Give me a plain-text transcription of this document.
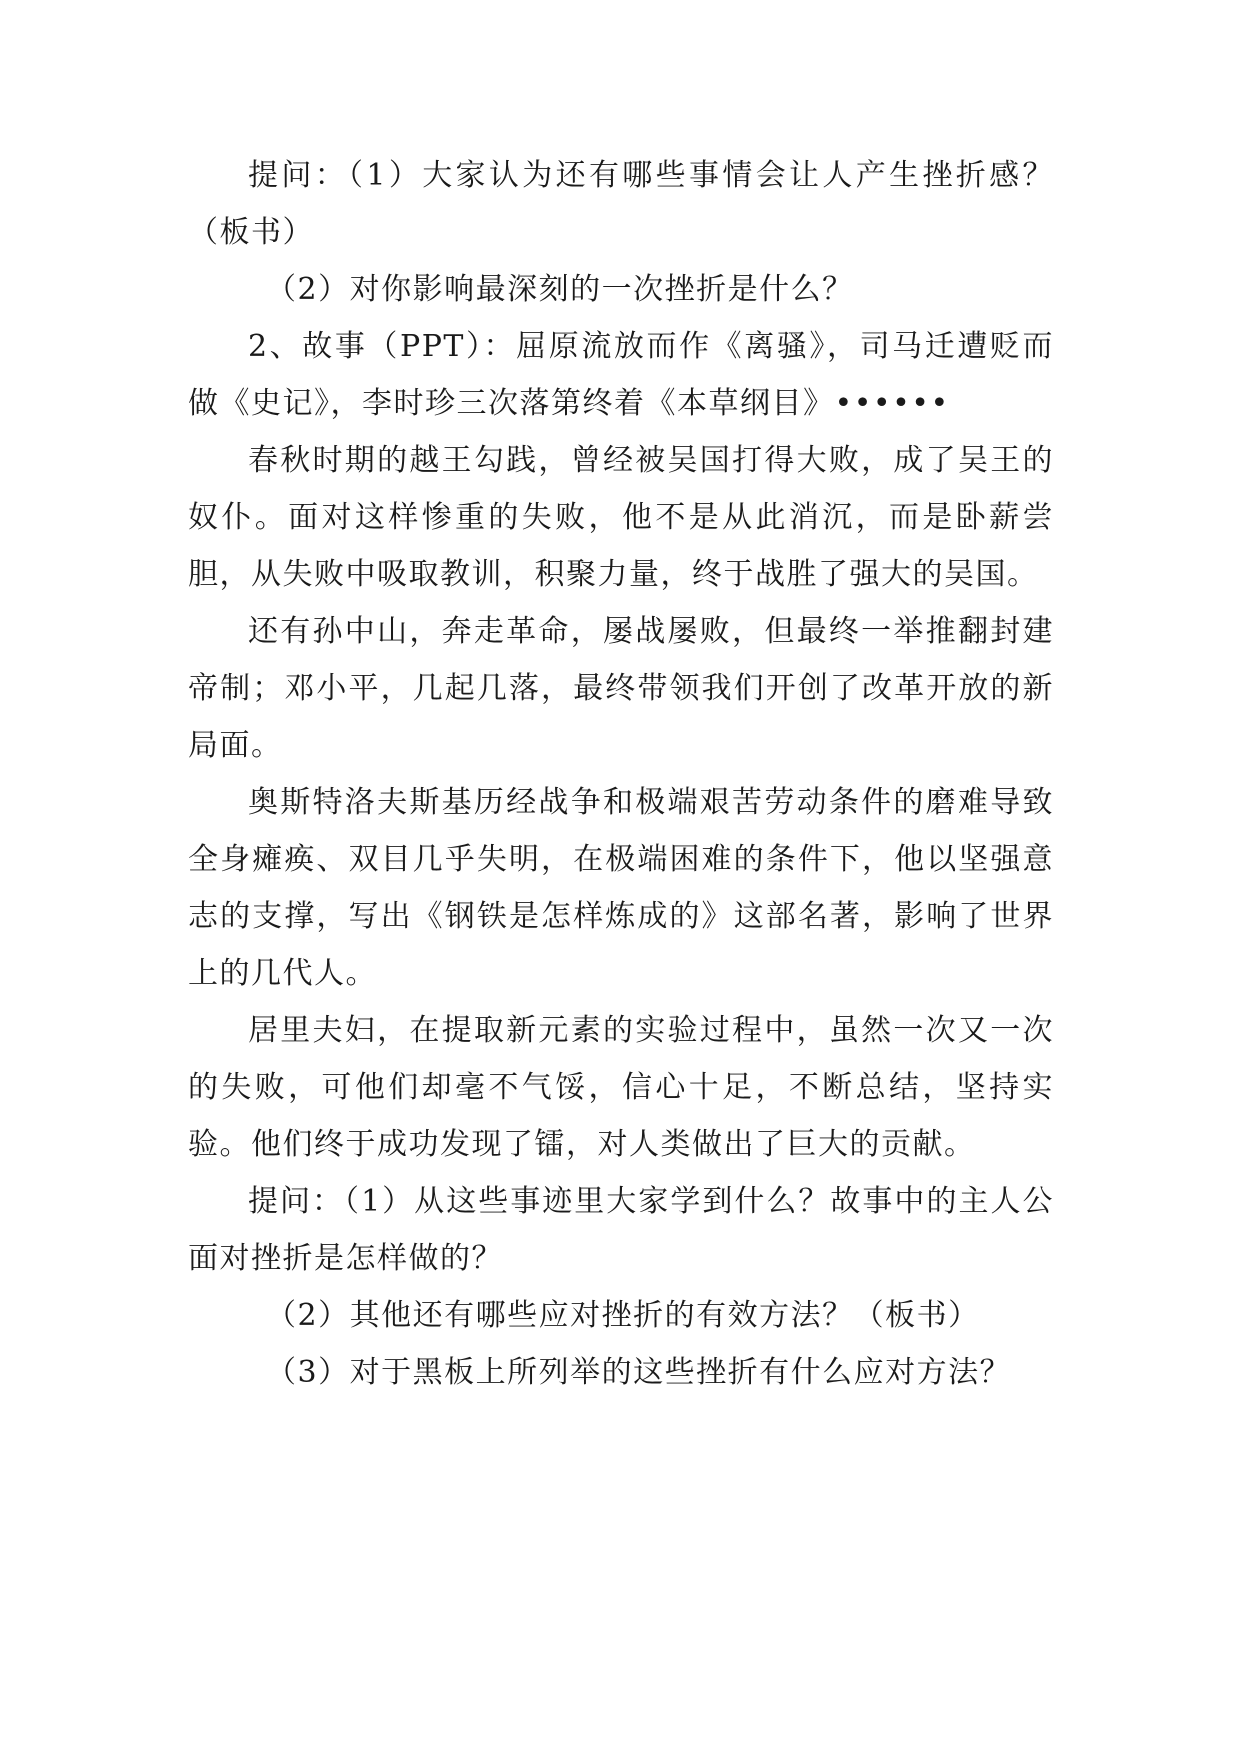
提问：（1）大家认为还有哪些事情会让人产生挫折感？（板书）

（2）对你影响最深刻的一次挫折是什么？

2、故事（PPT）：屈原流放而作《离骚》，司马迁遭贬而做《史记》，李时珍三次落第终着《本草纲目》••••••

春秋时期的越王勾践，曾经被吴国打得大败，成了吴王的奴仆。面对这样惨重的失败，他不是从此消沉，而是卧薪尝胆，从失败中吸取教训，积聚力量，终于战胜了强大的吴国。

还有孙中山，奔走革命，屡战屡败，但最终一举推翻封建帝制；邓小平，几起几落，最终带领我们开创了改革开放的新局面。

奥斯特洛夫斯基历经战争和极端艰苦劳动条件的磨难导致全身瘫痪、双目几乎失明，在极端困难的条件下，他以坚强意志的支撑，写出《钢铁是怎样炼成的》这部名著，影响了世界上的几代人。

居里夫妇，在提取新元素的实验过程中，虽然一次又一次的失败，可他们却毫不气馁，信心十足，不断总结，坚持实验。他们终于成功发现了镭，对人类做出了巨大的贡献。

提问：（1）从这些事迹里大家学到什么？故事中的主人公面对挫折是怎样做的？

（2）其他还有哪些应对挫折的有效方法？（板书）

（3）对于黑板上所列举的这些挫折有什么应对方法？
